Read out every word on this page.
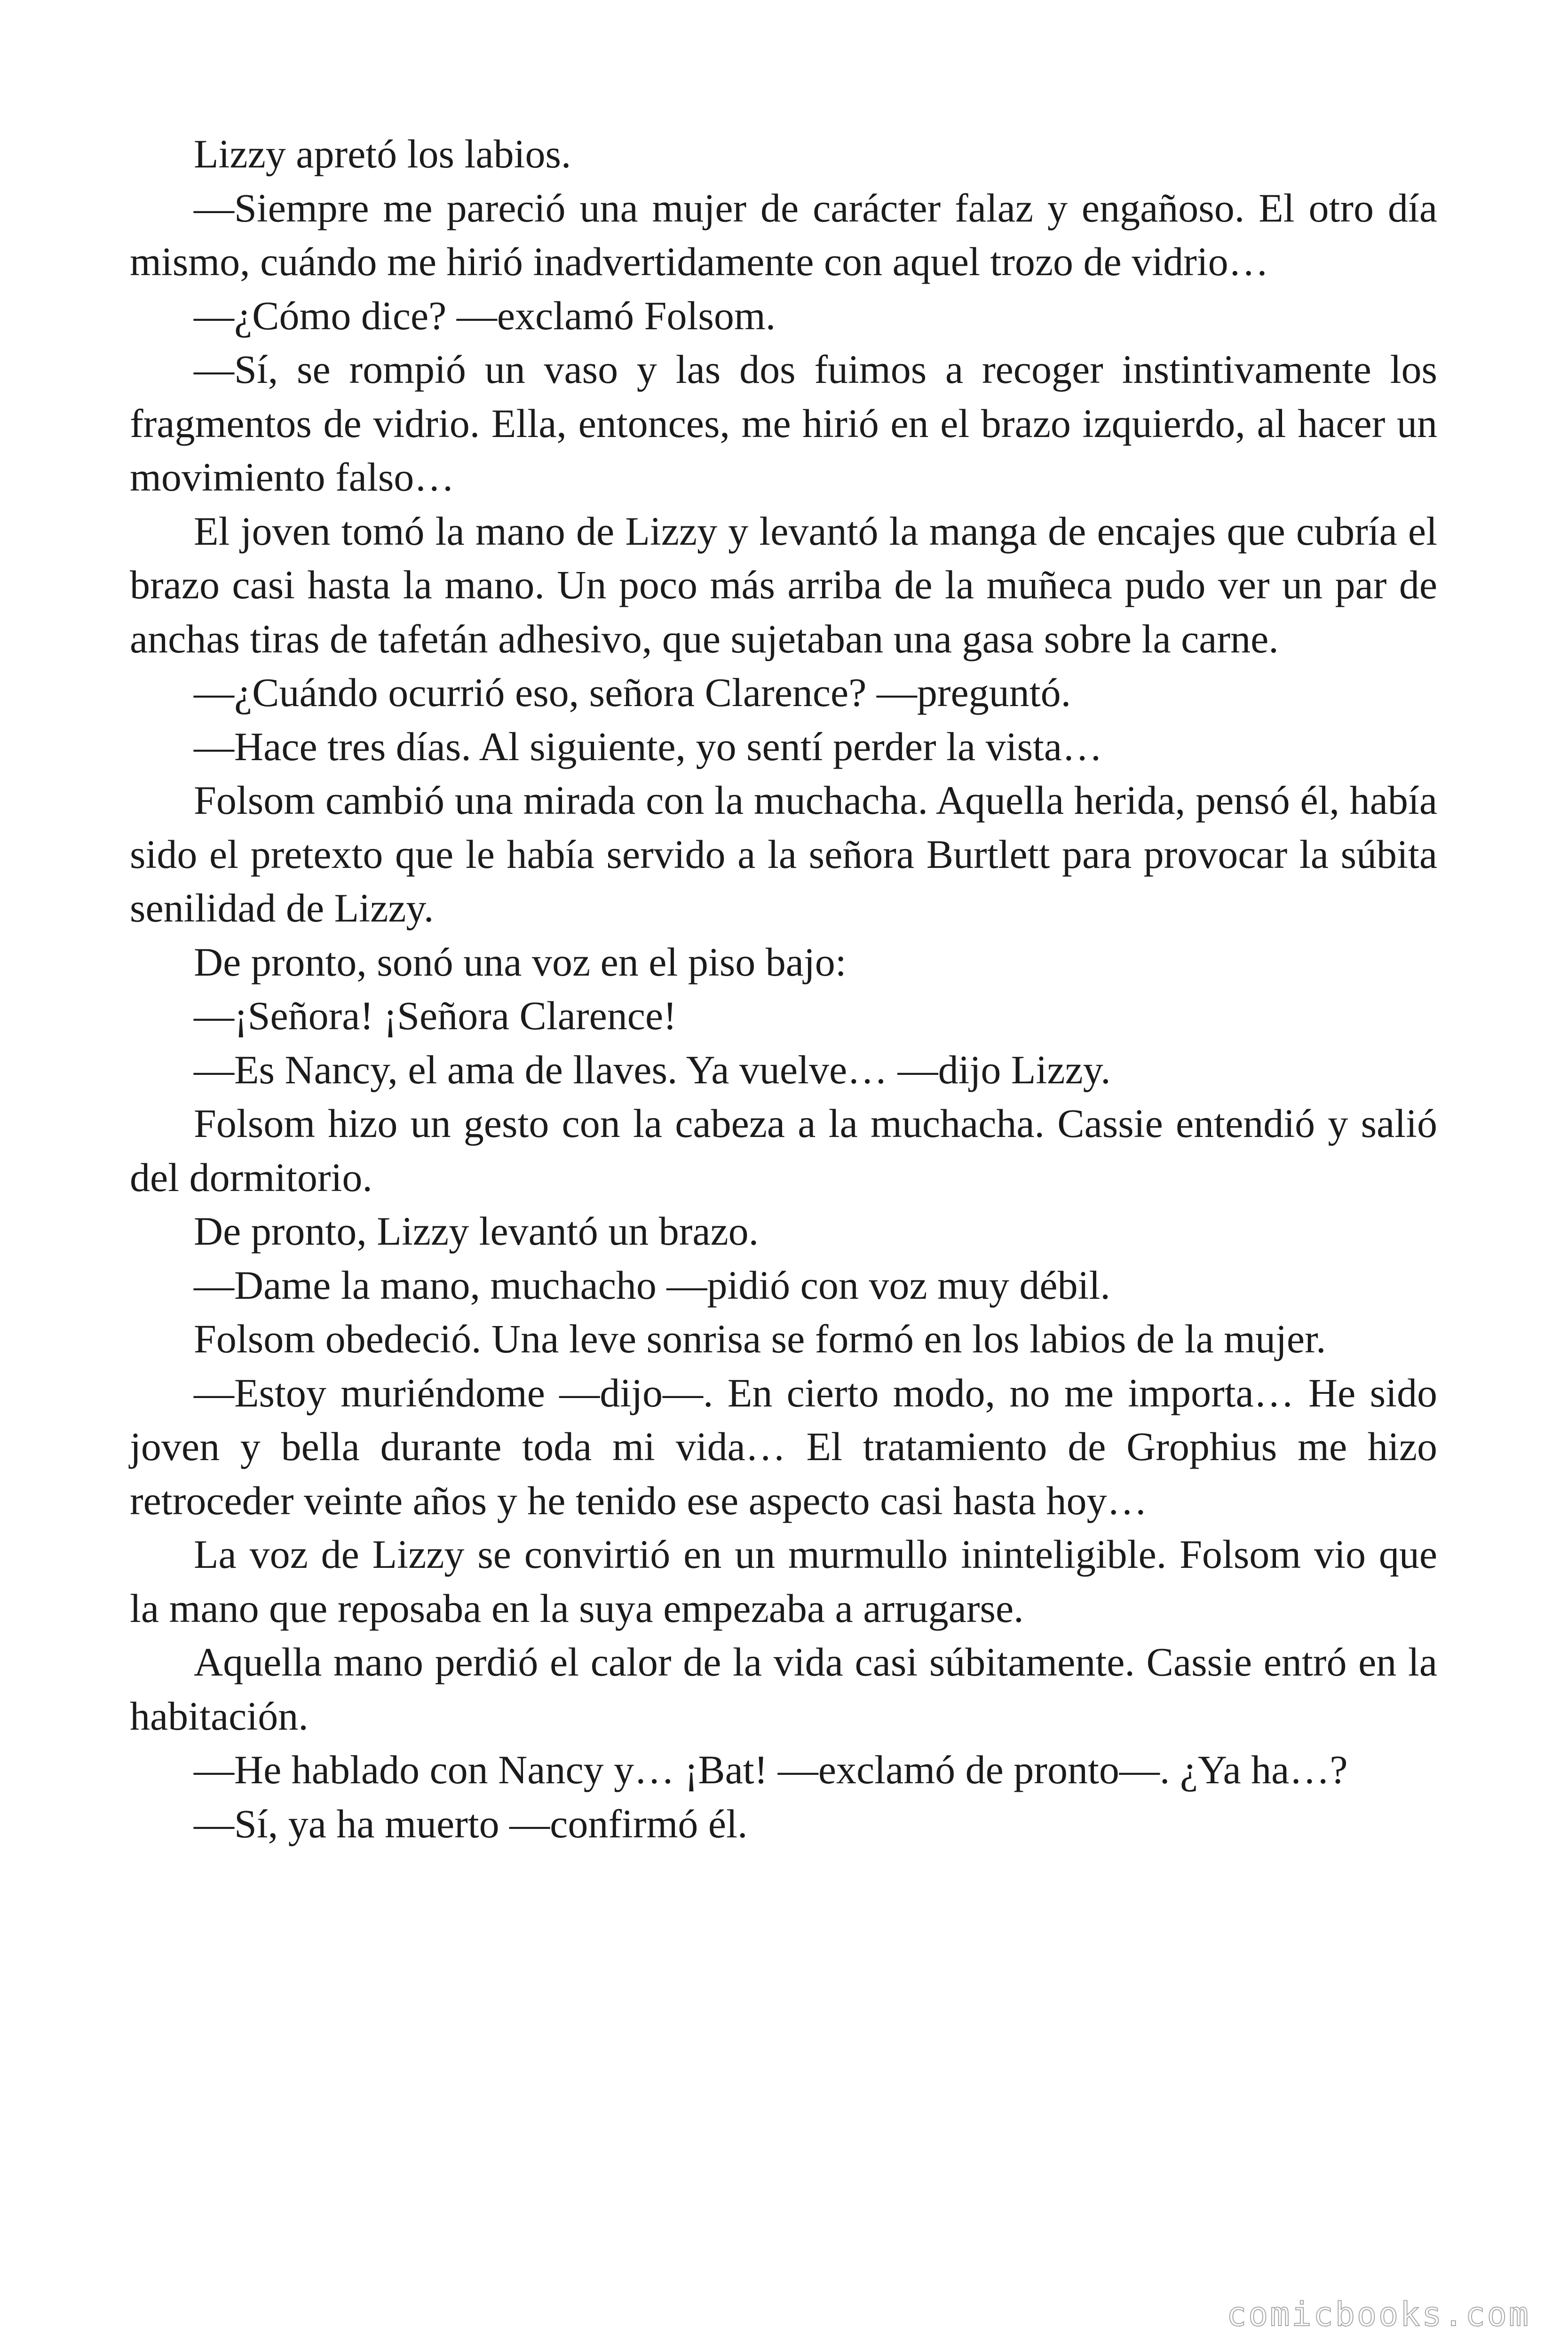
Lizzy apretó los labios.

—Siempre me pareció una mujer de carácter falaz y engañoso. El otro día mismo, cuándo me hirió inadvertidamente con aquel trozo de vidrio…

—¿Cómo dice? —exclamó Folsom.

—Sí, se rompió un vaso y las dos fuimos a recoger instintivamente los fragmentos de vidrio. Ella, entonces, me hirió en el brazo izquierdo, al hacer un movimiento falso…

El joven tomó la mano de Lizzy y levantó la manga de encajes que cubría el brazo casi hasta la mano. Un poco más arriba de la muñeca pudo ver un par de anchas tiras de tafetán adhesivo, que sujetaban una gasa sobre la carne.

—¿Cuándo ocurrió eso, señora Clarence? —preguntó.

—Hace tres días. Al siguiente, yo sentí perder la vista…

Folsom cambió una mirada con la muchacha. Aquella herida, pensó él, había sido el pretexto que le había servido a la señora Burtlett para provocar la súbita senilidad de Lizzy.

De pronto, sonó una voz en el piso bajo:

—¡Señora! ¡Señora Clarence!

—Es Nancy, el ama de llaves. Ya vuelve… —dijo Lizzy.

Folsom hizo un gesto con la cabeza a la muchacha. Cassie entendió y salió del dormitorio.

De pronto, Lizzy levantó un brazo.

—Dame la mano, muchacho —pidió con voz muy débil.

Folsom obedeció. Una leve sonrisa se formó en los labios de la mujer.

—Estoy muriéndome —dijo—. En cierto modo, no me importa… He sido joven y bella durante toda mi vida… El tratamiento de Grophius me hizo retroceder veinte años y he tenido ese aspecto casi hasta hoy…

La voz de Lizzy se convirtió en un murmullo ininteligible. Folsom vio que la mano que reposaba en la suya empezaba a arrugarse.

Aquella mano perdió el calor de la vida casi súbitamente. Cassie entró en la habitación.

—He hablado con Nancy y… ¡Bat! —exclamó de pronto—. ¿Ya ha…?

—Sí, ya ha muerto —confirmó él.

comicbooks.com
